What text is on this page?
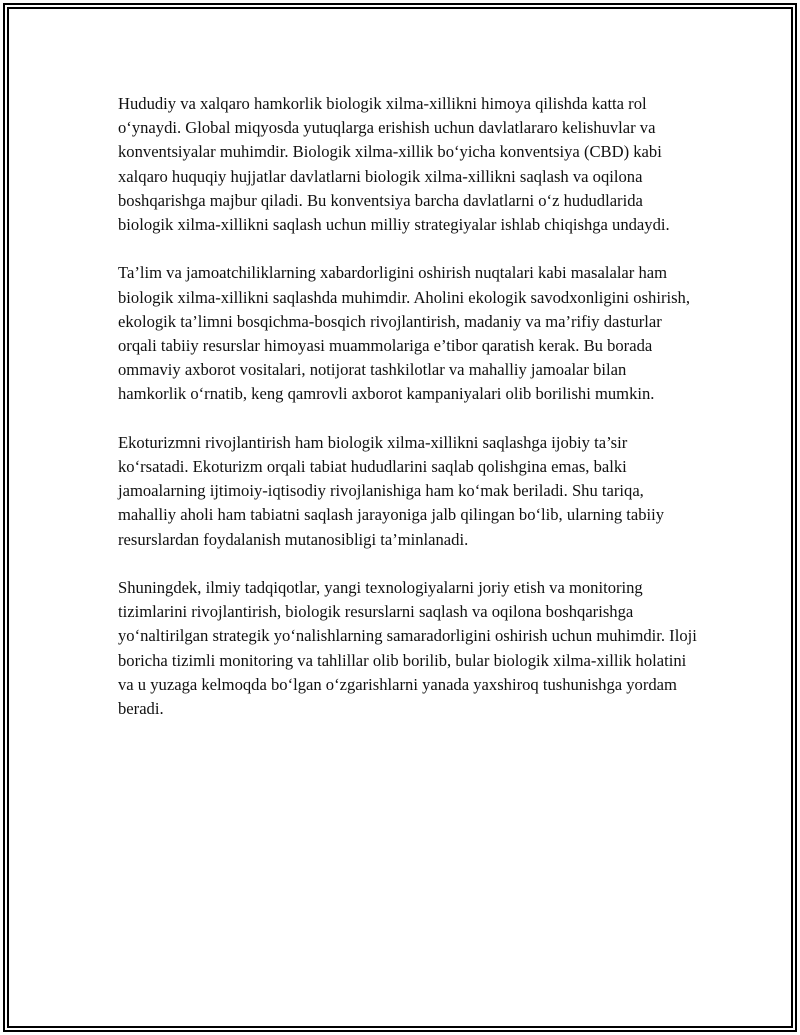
Hududiy va xalqaro hamkorlik biologik xilma-xillikni himoya qilishda katta rol o‘ynaydi. Global miqyosda yutuqlarga erishish uchun davlatlararo kelishuvlar va konventsiyalar muhimdir. Biologik xilma-xillik bo‘yicha konventsiya (CBD) kabi xalqaro huquqiy hujjatlar davlatlarni biologik xilma-xillikni saqlash va oqilona boshqarishga majbur qiladi. Bu konventsiya barcha davlatlarni o‘z hududlarida biologik xilma-xillikni saqlash uchun milliy strategiyalar ishlab chiqishga undaydi.

Ta’lim va jamoatchiliklarning xabardorligini oshirish nuqtalari kabi masalalar ham biologik xilma-xillikni saqlashda muhimdir. Aholini ekologik savodxonligini oshirish, ekologik ta’limni bosqichma-bosqich rivojlantirish, madaniy va ma’rifiy dasturlar orqali tabiiy resurslar himoyasi muammolariga e’tibor qaratish kerak. Bu borada ommaviy axborot vositalari, notijorat tashkilotlar va mahalliy jamoalar bilan hamkorlik o‘rnatib, keng qamrovli axborot kampaniyalari olib borilishi mumkin.

Ekoturizmni rivojlantirish ham biologik xilma-xillikni saqlashga ijobiy ta’sir ko‘rsatadi. Ekoturizm orqali tabiat hududlarini saqlab qolishgina emas, balki jamoalarning ijtimoiy-iqtisodiy rivojlanishiga ham ko‘mak beriladi. Shu tariqa, mahalliy aholi ham tabiatni saqlash jarayoniga jalb qilingan bo‘lib, ularning tabiiy resurslardan foydalanish mutanosibligi ta’minlanadi.

Shuningdek, ilmiy tadqiqotlar, yangi texnologiyalarni joriy etish va monitoring tizimlarini rivojlantirish, biologik resurslarni saqlash va oqilona boshqarishga yo‘naltirilgan strategik yo‘nalishlarning samaradorligini oshirish uchun muhimdir. Iloji boricha tizimli monitoring va tahlillar olib borilib, bular biologik xilma-xillik holatini va u yuzaga kelmoqda bo‘lgan o‘zgarishlarni yanada yaxshiroq tushunishga yordam beradi.
